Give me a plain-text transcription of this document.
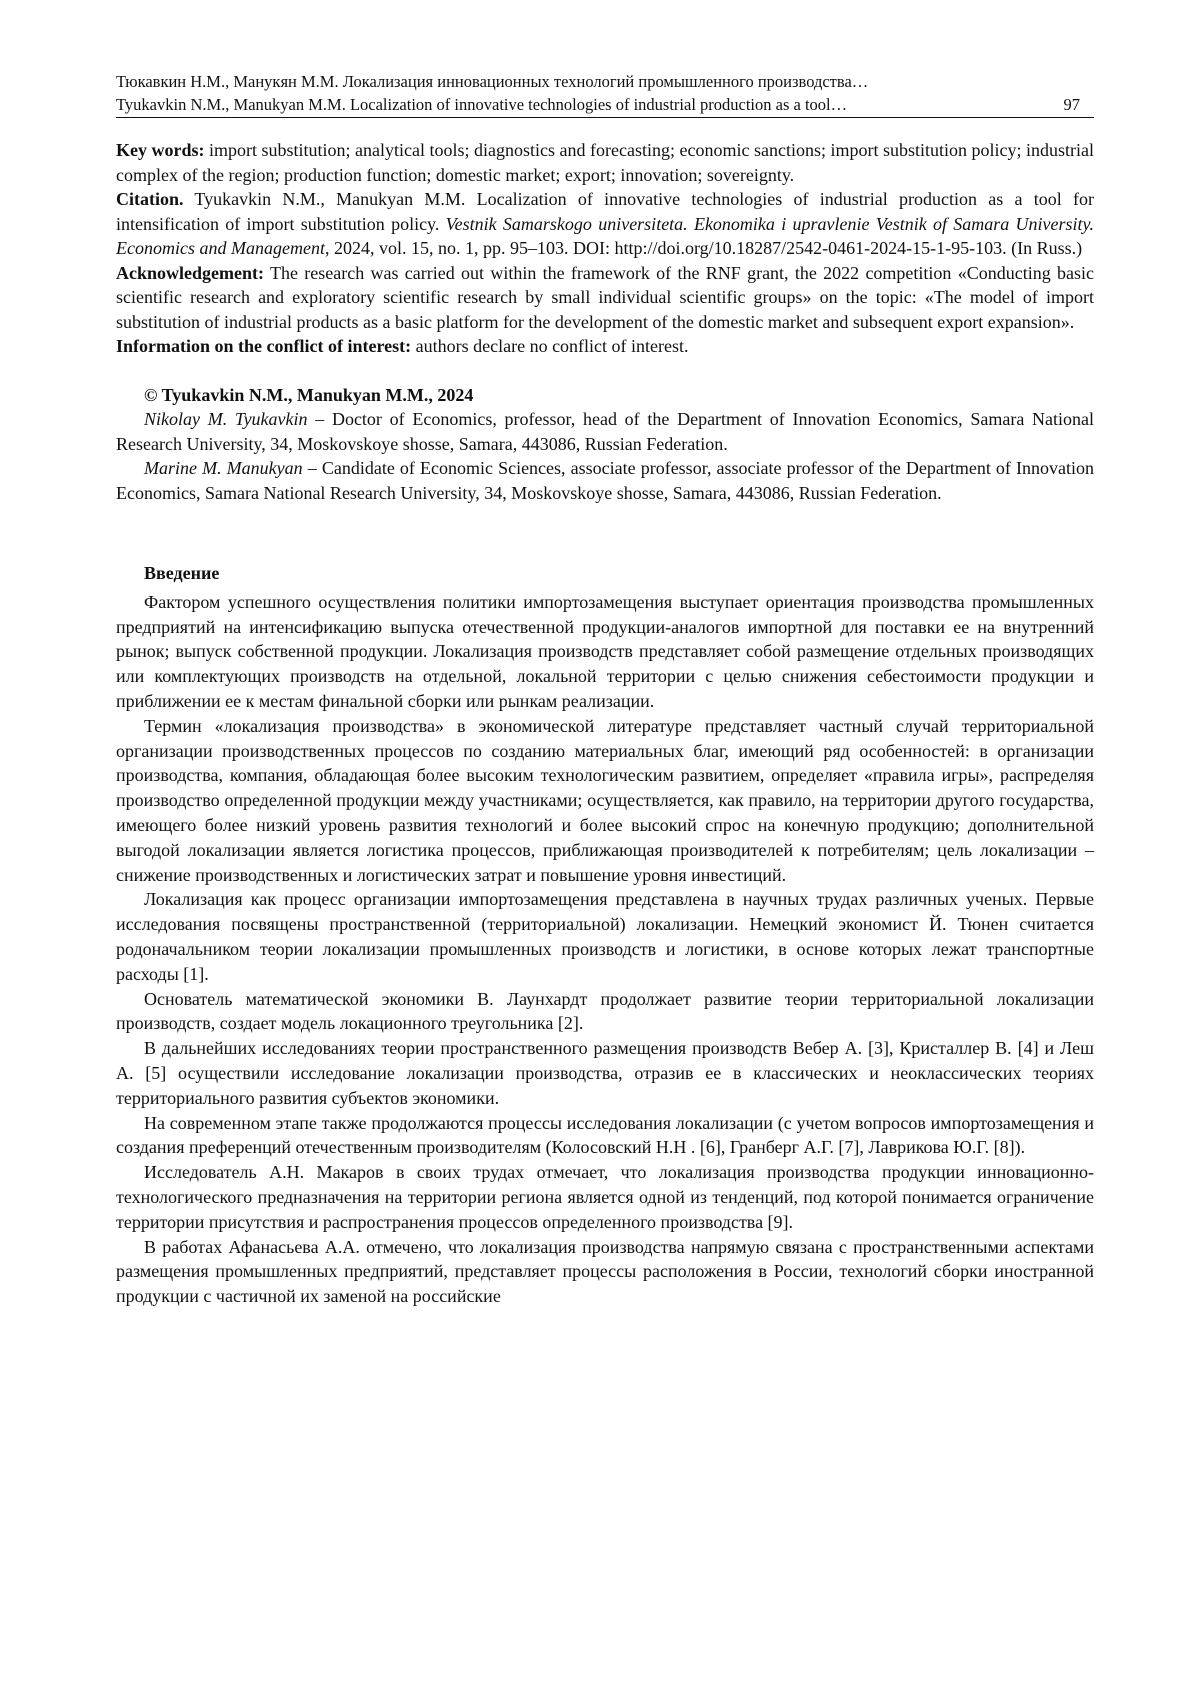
Тюкавкин Н.М., Манукян М.М. Локализация инновационных технологий промышленного производства…
Tyukavkin N.M., Manukyan M.M. Localization of innovative technologies of industrial production as a tool…	97

Key words: import substitution; analytical tools; diagnostics and forecasting; economic sanctions; import substitution policy; industrial complex of the region; production function; domestic market; export; innovation; sovereignty.

Citation. Tyukavkin N.M., Manukyan M.M. Localization of innovative technologies of industrial production as a tool for intensification of import substitution policy. Vestnik Samarskogo universiteta. Ekonomika i upravlenie Vestnik of Samara University. Economics and Management, 2024, vol. 15, no. 1, pp. 95–103. DOI: http://doi.org/10.18287/2542-0461-2024-15-1-95-103. (In Russ.)

Acknowledgement: The research was carried out within the framework of the RNF grant, the 2022 competition «Conducting basic scientific research and exploratory scientific research by small individual scientific groups» on the topic: «The model of import substitution of industrial products as a basic platform for the development of the domestic market and subsequent export expansion».

Information on the conflict of interest: authors declare no conflict of interest.

© Tyukavkin N.M., Manukyan M.M., 2024

Nikolay M. Tyukavkin – Doctor of Economics, professor, head of the Department of Innovation Economics, Samara National Research University, 34, Moskovskoye shosse, Samara, 443086, Russian Federation.

Marine M. Manukyan – Candidate of Economic Sciences, associate professor, associate professor of the Department of Innovation Economics, Samara National Research University, 34, Moskovskoye shosse, Samara, 443086, Russian Federation.

Введение

Фактором успешного осуществления политики импортозамещения выступает ориентация производства промышленных предприятий на интенсификацию выпуска отечественной продукции-аналогов импортной для поставки ее на внутренний рынок; выпуск собственной продукции. Локализация производств представляет собой размещение отдельных производящих или комплектующих производств на отдельной, локальной территории с целью снижения себестоимости продукции и приближении ее к местам финальной сборки или рынкам реализации.

Термин «локализация производства» в экономической литературе представляет частный случай территориальной организации производственных процессов по созданию материальных благ, имеющий ряд особенностей: в организации производства, компания, обладающая более высоким технологическим развитием, определяет «правила игры», распределяя производство определенной продукции между участниками; осуществляется, как правило, на территории другого государства, имеющего более низкий уровень развития технологий и более высокий спрос на конечную продукцию; дополнительной выгодой локализации является логистика процессов, приближающая производителей к потребителям; цель локализации – снижение производственных и логистических затрат и повышение уровня инвестиций.

Локализация как процесс организации импортозамещения представлена в научных трудах различных ученых. Первые исследования посвящены пространственной (территориальной) локализации. Немецкий экономист Й. Тюнен считается родоначальником теории локализации промышленных производств и логистики, в основе которых лежат транспортные расходы [1].

Основатель математической экономики В. Лаунхардт продолжает развитие теории территориальной локализации производств, создает модель локационного треугольника [2].

В дальнейших исследованиях теории пространственного размещения производств Вебер А. [3], Кристаллер В. [4] и Леш А. [5] осуществили исследование локализации производства, отразив ее в классических и неоклассических теориях территориального развития субъектов экономики.

На современном этапе также продолжаются процессы исследования локализации (с учетом вопросов импортозамещения и создания преференций отечественным производителям (Колосовский Н.Н . [6], Гранберг А.Г. [7], Лаврикова Ю.Г. [8]).

Исследователь А.Н. Макаров в своих трудах отмечает, что локализация производства продукции инновационно-технологического предназначения на территории региона является одной из тенденций, под которой понимается ограничение территории присутствия и распространения процессов определенного производства [9].

В работах Афанасьева А.А. отмечено, что локализация производства напрямую связана с пространственными аспектами размещения промышленных предприятий, представляет процессы расположения в России, технологий сборки иностранной продукции с частичной их заменой на российские
